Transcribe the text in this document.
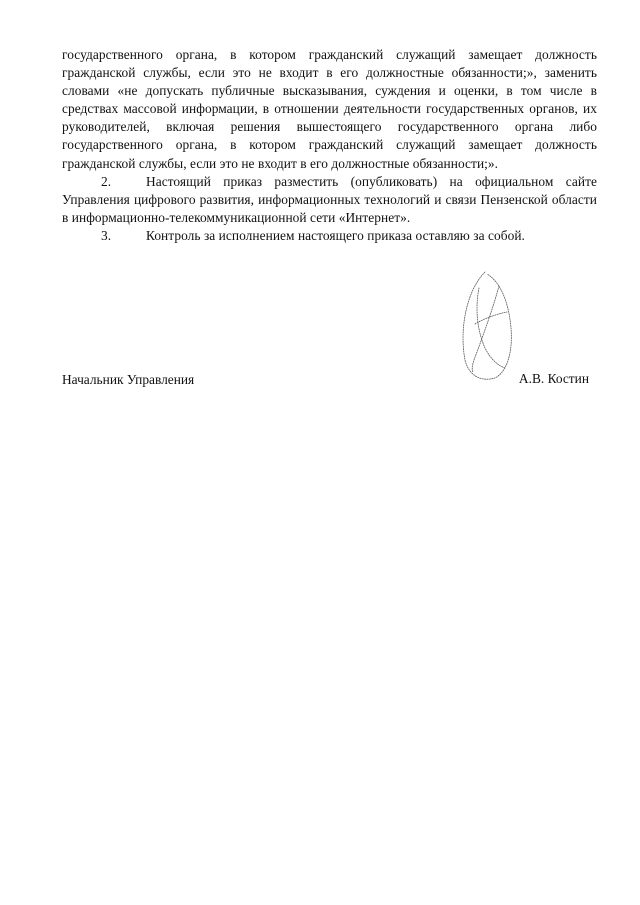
государственного органа, в котором гражданский служащий замещает должность гражданской службы, если это не входит в его должностные обязанности;», заменить словами «не допускать публичные высказывания, суждения и оценки, в том числе в средствах массовой информации, в отношении деятельности государственных органов, их руководителей, включая решения вышестоящего государственного органа либо государственного органа, в котором гражданский служащий замещает должность гражданской службы, если это не входит в его должностные обязанности;».

2.	Настоящий приказ разместить (опубликовать) на официальном сайте Управления цифрового развития, информационных технологий и связи Пензенской области в информационно-телекоммуникационной сети «Интернет».

3.	Контроль за исполнением настоящего приказа оставляю за собой.

Начальник Управления	А.В. Костин
